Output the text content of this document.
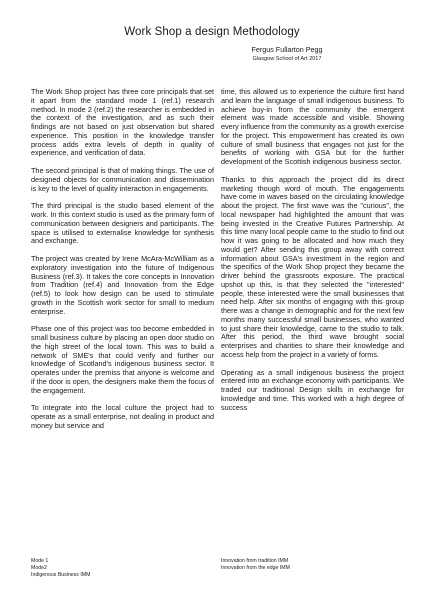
Work Shop a design Methodology
Fergus Fullarton Pegg
Glasgow School of Art 2017

The Work Shop project has three core principals that set it apart from the standard mode 1 (ref.1) research method. In mode 2 (ref.2) the researcher is embedded in the context of the investigation, and as such their findings are not based on just observation but shared experience. This position in the knowledge transfer process adds extra levels of depth in quality of experience, and verification of data.

The second principal is that of making things. The use of designed objects for communication and dissemination is key to the level of quality interaction in engagements.

The third principal is the studio based element of the work. In this context studio is used as the primary form of communication between designers and participants. The space is utilised to externalise knowledge for synthesis and exchange.

The project was created by Irene McAra-McWilliam as a exploratory investigation into the future of Indigenous Business (ref.3). It takes the core concepts in Innovation from Tradition (ref.4) and Innovation from the Edge (ref.5) to look how design can be used to stimulate growth in the Scottish work sector for small to medium enterprise.

Phase one of this project was too become embedded in small business culture by placing an open door studio on the high street of the local town. This was to build a network of SME's that could verify and further our knowledge of Scotland's indigenous business sector. It operates under the premiss that anyone is welcome and if the door is open, the designers make them the focus of the engagement.

To integrate into the local culture the project had to operate as a small enterprise, not dealing in product and money but service and

time, this allowed us to experience the culture first hand and learn the language of small indigenous business. To achieve buy-in from the community the emergent element was made accessible and visible. Showing every influence from the community as a growth exercise for the project. This empowerment has created its own culture of small business that engages not just for the benefits of working with GSA but for the further development of the Scottish indigenous business sector.

Thanks to this approach the project did its direct marketing though word of mouth. The engagements have come in waves based on the circulating knowledge about the project. The first wave was the "curious", the local newspaper had highlighted the amount that was being invested in the Creative Futures Partnership. At this time many local people came to the studio to find out how it was going to be allocated and how much they would get? After sending this group away with correct information about GSA's investment in the region and the specifics of the Work Shop project they became the driver behind the grassroots exposure. The practical upshot up this, is that they selected the "interested" people, these interested were the small businesses that need help. After six months of engaging with this group there was a change in demographic and for the next few months many successful small businesses, who wanted to just share their knowledge, came to the studio to talk. After this period, the third wave brought social enterprises and charities to share their knowledge and access help from the project in a variety of forms.

Operating as a small indigenous business the project entered into an exchange economy with participants. We traded our traditional Design skills in exchange for knowledge and time. This worked with a high degree of success

Mode 1
Mode2
Indigenous Business IMM
Innovation from tradition IMM
Innovation from the edge IMM
